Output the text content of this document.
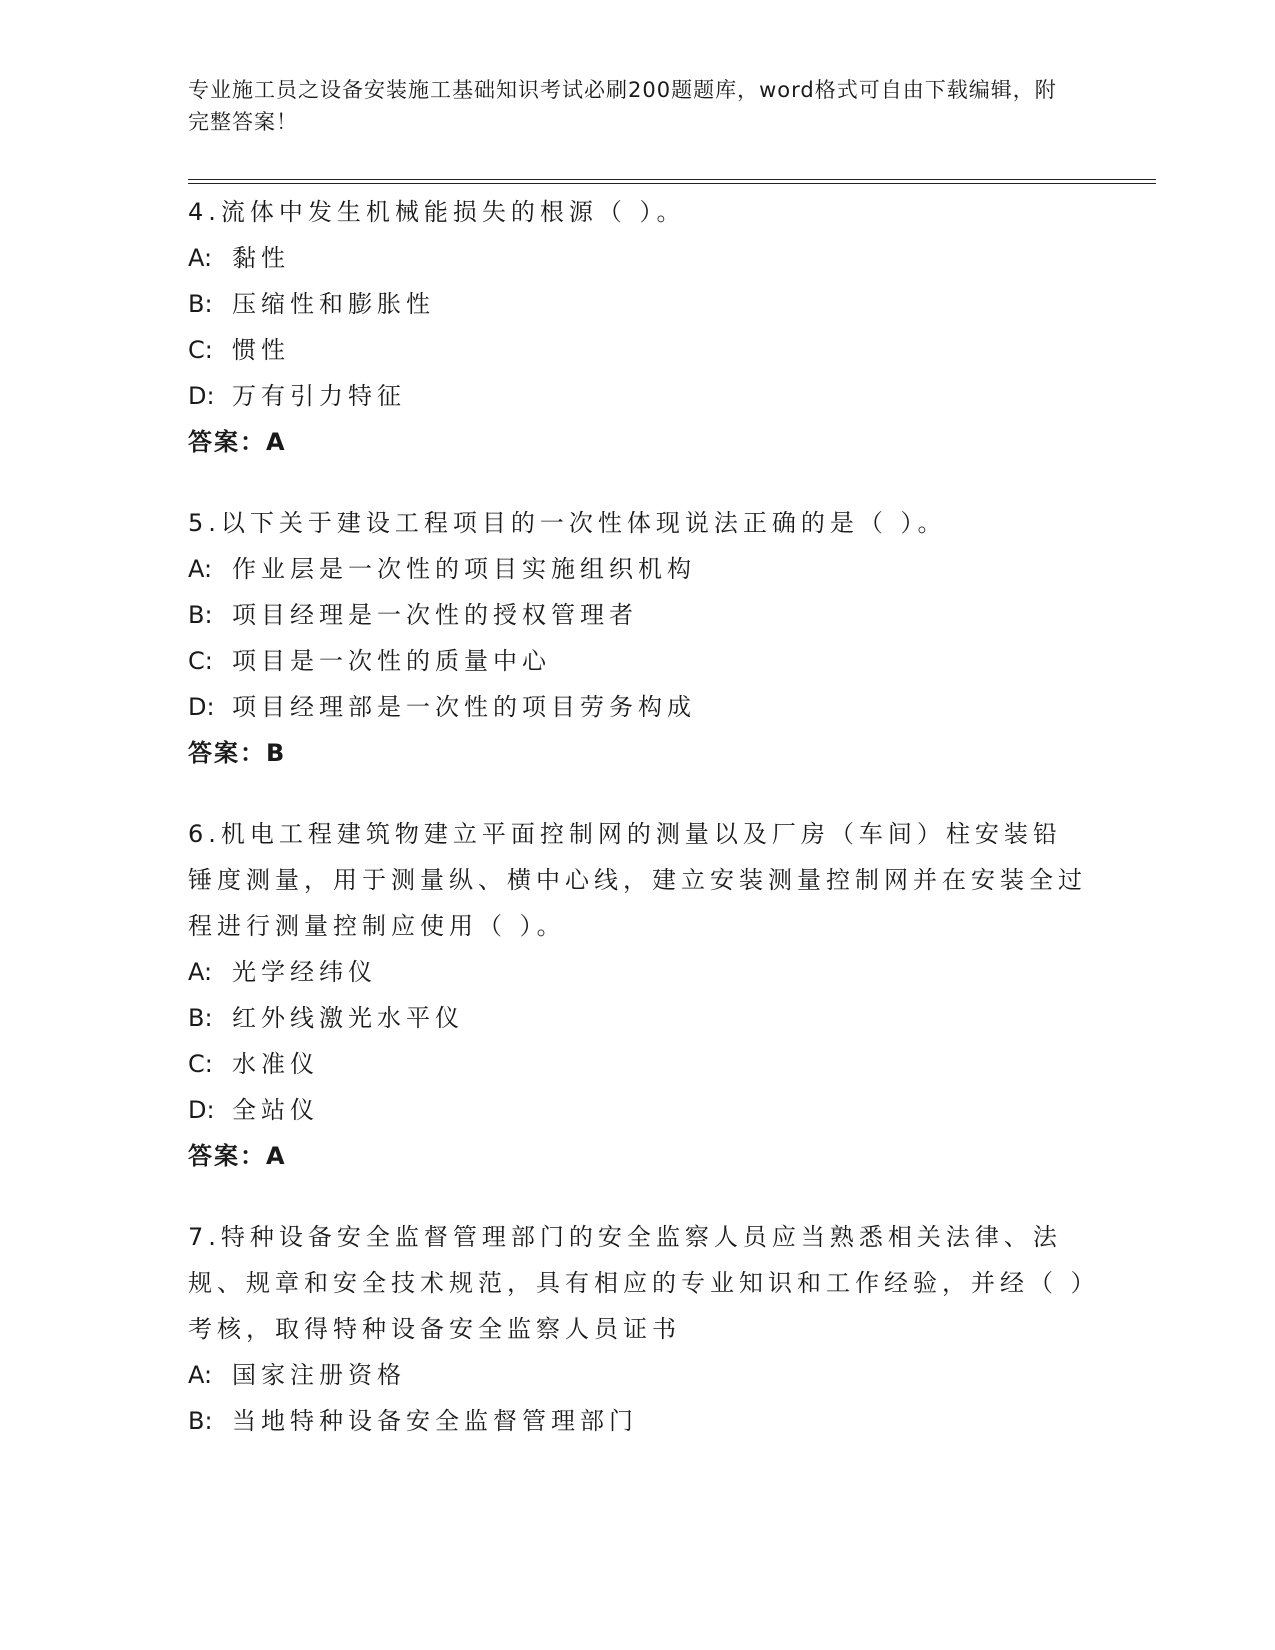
专业施工员之设备安装施工基础知识考试必刷200题题库，word格式可自由下载编辑，附完整答案！
4.流体中发生机械能损失的根源（ ）。
A: 黏性
B: 压缩性和膨胀性
C: 惯性
D: 万有引力特征
答案：A
5.以下关于建设工程项目的一次性体现说法正确的是（ ）。
A: 作业层是一次性的项目实施组织机构
B: 项目经理是一次性的授权管理者
C: 项目是一次性的质量中心
D: 项目经理部是一次性的项目劳务构成
答案：B
6.机电工程建筑物建立平面控制网的测量以及厂房（车间）柱安装铅锤度测量，用于测量纵、横中心线，建立安装测量控制网并在安装全过程进行测量控制应使用（ ）。
A: 光学经纬仪
B: 红外线激光水平仪
C: 水准仪
D: 全站仪
答案：A
7.特种设备安全监督管理部门的安全监察人员应当熟悉相关法律、法规、规章和安全技术规范，具有相应的专业知识和工作经验，并经（ ）考核，取得特种设备安全监察人员证书
A: 国家注册资格
B: 当地特种设备安全监督管理部门
